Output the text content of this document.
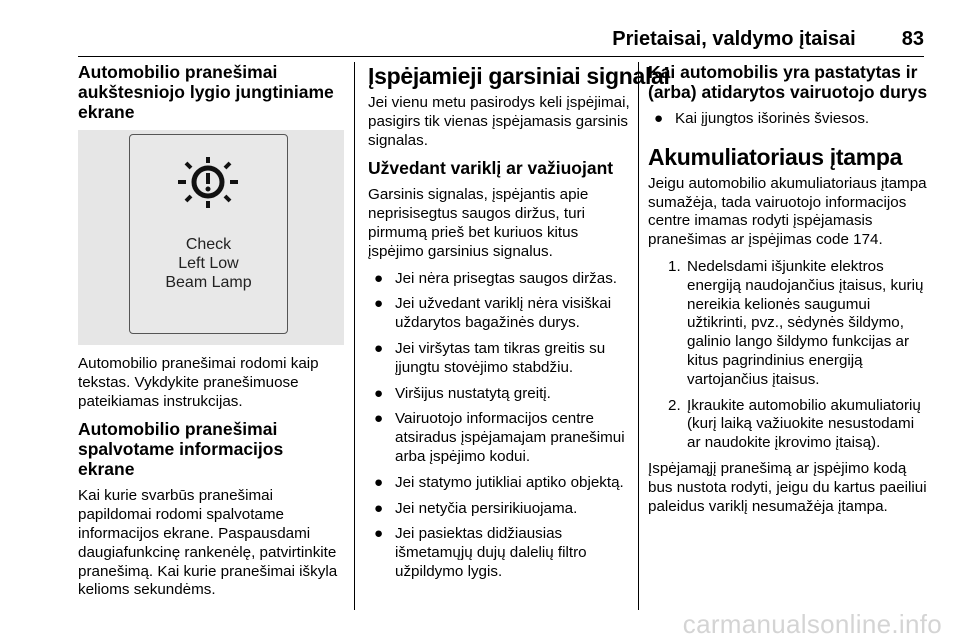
Prietaisai, valdymo įtaisai 83
Automobilio pranešimai aukštesniojo lygio jungtiniame ekrane
Check
Left Low
Beam Lamp

Automobilio pranešimai rodomi kaip tekstas. Vykdykite pranešimuose pateikiamas instrukcijas.

Automobilio pranešimai spalvotame informacijos ekrane

Kai kurie svarbūs pranešimai papildomai rodomi spalvotame informacijos ekrane. Paspausdami daugiafunkcinę rankenėlę, patvirtinkite pranešimą. Kai kurie pranešimai iškyla kelioms sekundėms.

Įspėjamieji garsiniai signalai

Jei vienu metu pasirodys keli įspėjimai, pasigirs tik vienas įspėjamasis garsinis signalas.

Užvedant variklį ar važiuojant

Garsinis signalas, įspėjantis apie neprisisegtus saugos diržus, turi pirmumą prieš bet kuriuos kitus įspėjimo garsinius signalus.

● Jei nėra prisegtas saugos diržas.
● Jei užvedant variklį nėra visiškai uždarytos bagažinės durys.
● Jei viršytas tam tikras greitis su įjungtu stovėjimo stabdžiu.
● Viršijus nustatytą greitį.
● Vairuotojo informacijos centre atsiradus įspėjamajam pranešimui arba įspėjimo kodui.
● Jei statymo jutikliai aptiko objektą.
● Jei netyčia persirikiuojama.
● Jei pasiektas didžiausias išmetamųjų dujų dalelių filtro užpildymo lygis.
Kai automobilis yra pastatytas ir (arba) atidarytos vairuotojo durys
● Kai įjungtos išorinės šviesos.
Akumuliatoriaus įtampa

Jeigu automobilio akumuliatoriaus įtampa sumažėja, tada vairuotojo informacijos centre imamas rodyti įspėjamasis pranešimas ar įspėjimas code 174.

1. Nedelsdami išjunkite elektros energiją naudojančius įtaisus, kurių nereikia kelionės saugumui užtikrinti, pvz., sėdynės šildymo, galinio lango šildymo funkcijas ar kitus pagrindinius energiją vartojančius įtaisus.
2. Įkraukite automobilio akumuliatorių (kurį laiką važiuokite nesustodami ar naudokite įkrovimo įtaisą).

Įspėjamąjį pranešimą ar įspėjimo kodą bus nustota rodyti, jeigu du kartus paeiliui paleidus variklį nesumažėja įtampa.

carmanualsonline.info
